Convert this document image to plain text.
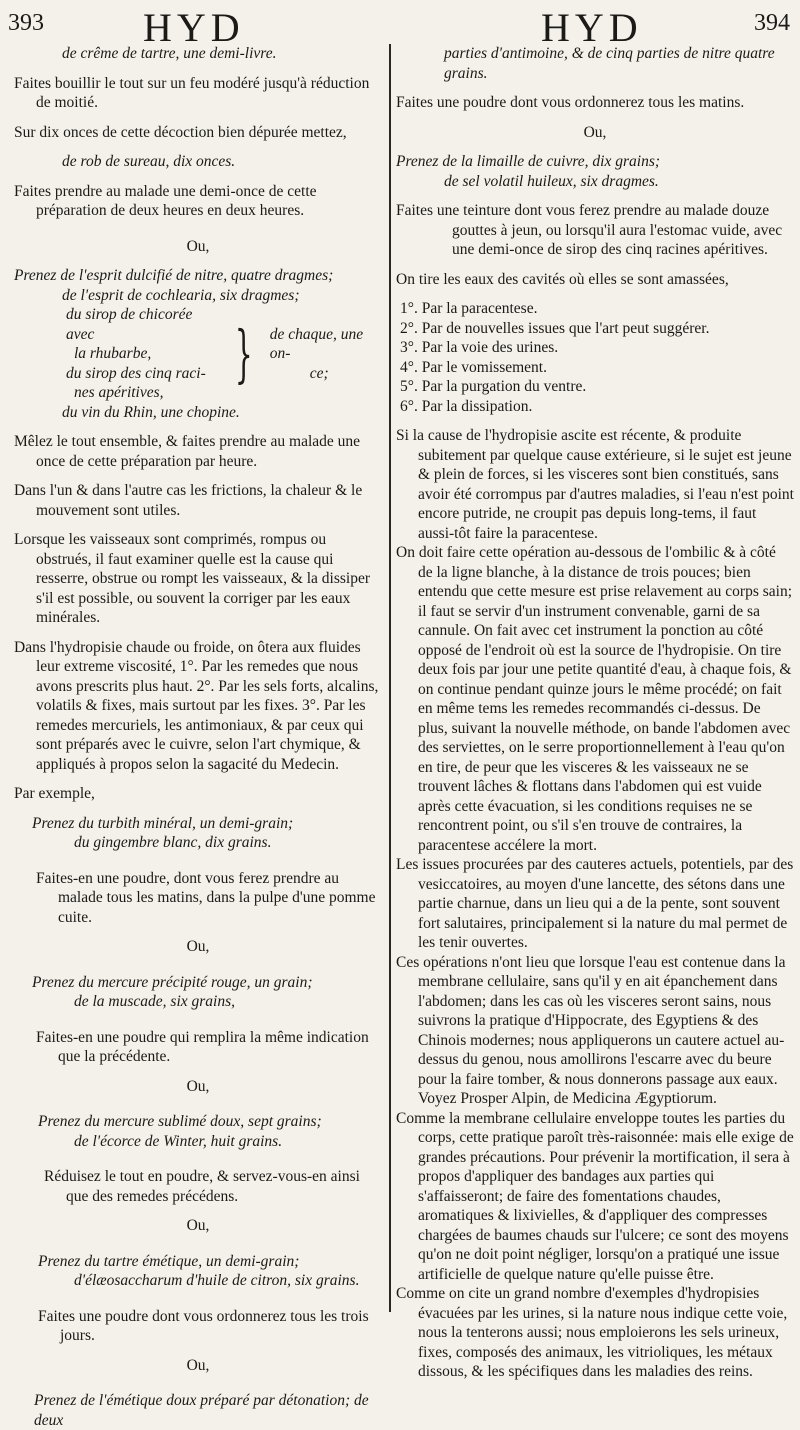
393 HYD	HYD	394

de crême de tartre, une demi-livre.

Faites bouillir le tout sur un feu modéré jusqu'à réduction de moitié.

Sur dix onces de cette décoction bien dépurée mettez,

de rob de sureau, dix onces.

Faites prendre au malade une demi-once de cette préparation de deux heures en deux heures.

Ou,

Prenez de l'esprit dulcifié de nitre, quatre dragmes;

de l'esprit de cochlearia, six dragmes;

du sirop de chicorée avec
la rhubarbe,
du sirop des cinq raci-
nes apéritives,
} de chaque, une on-
ce;

du vin du Rhin, une chopine.

Mêlez le tout ensemble, & faites prendre au malade une once de cette préparation par heure.

Dans l'un & dans l'autre cas les frictions, la chaleur & le mouvement sont utiles.

Lorsque les vaisseaux sont comprimés, rompus ou obstrués, il faut examiner quelle est la cause qui resserre, obstrue ou rompt les vaisseaux, & la dissiper s'il est possible, ou souvent la corriger par les eaux minérales.

Dans l'hydropisie chaude ou froide, on ôtera aux fluides leur extreme viscosité, 1°. Par les remedes que nous avons prescrits plus haut. 2°. Par les sels forts, alcalins, volatils & fixes, mais surtout par les fixes. 3°. Par les remedes mercuriels, les antimoniaux, & par ceux qui sont préparés avec le cuivre, selon l'art chymique, & appliqués à propos selon la sagacité du Medecin.

Par exemple,

Prenez du turbith minéral, un demi-grain;

du gingembre blanc, dix grains.

Faites-en une poudre, dont vous ferez prendre au malade tous les matins, dans la pulpe d'une pomme cuite.

Ou,

Prenez du mercure précipité rouge, un grain;

de la muscade, six grains,

Faites-en une poudre qui remplira la même indication que la précédente.

Ou,

Prenez du mercure sublimé doux, sept grains;

de l'écorce de Winter, huit grains.

Réduisez le tout en poudre, & servez-vous-en ainsi que des remedes précédens.

Ou,

Prenez du tartre émétique, un demi-grain;

d'élæosaccharum d'huile de citron, six grains.

Faites une poudre dont vous ordonnerez tous les trois jours.

Ou,

Prenez de l'émétique doux préparé par détonation; de deux

parties d'antimoine, & de cinq parties de nitre quatre grains.

Faites une poudre dont vous ordonnerez tous les matins.

Ou,

Prenez de la limaille de cuivre, dix grains;

de sel volatil huileux, six dragmes.

Faites une teinture dont vous ferez prendre au malade douze gouttes à jeun, ou lorsqu'il aura l'estomac vuide, avec une demi-once de sirop des cinq racines apéritives.

On tire les eaux des cavités où elles se sont amassées,

1°. Par la paracentese.
2°. Par de nouvelles issues que l'art peut suggérer.
3°. Par la voie des urines.
4°. Par le vomissement.
5°. Par la purgation du ventre.
6°. Par la dissipation.

Si la cause de l'hydropisie ascite est récente, & produite subitement par quelque cause extérieure, si le sujet est jeune & plein de forces, si les visceres sont bien constitués, sans avoir été corrompus par d'autres maladies, si l'eau n'est point encore putride, ne croupit pas depuis long-tems, il faut aussi-tôt faire la paracentese.

On doit faire cette opération au-dessous de l'ombilic & à côté de la ligne blanche, à la distance de trois pouces; bien entendu que cette mesure est prise relavement au corps sain; il faut se servir d'un instrument convenable, garni de sa cannule. On fait avec cet instrument la ponction au côté opposé de l'endroit où est la source de l'hydropisie. On tire deux fois par jour une petite quantité d'eau, à chaque fois, & on continue pendant quinze jours le même procédé; on fait en même tems les remedes recommandés ci-dessus. De plus, suivant la nouvelle méthode, on bande l'abdomen avec des serviettes, on le serre proportionnellement à l'eau qu'on en tire, de peur que les visceres & les vaisseaux ne se trouvent lâches & flottans dans l'abdomen qui est vuide après cette évacuation, si les conditions requises ne se rencontrent point, ou s'il s'en trouve de contraires, la paracentese accélere la mort.

Les issues procurées par des cauteres actuels, potentiels, par des vesiccatoires, au moyen d'une lancette, des sétons dans une partie charnue, dans un lieu qui a de la pente, sont souvent fort salutaires, principalement si la nature du mal permet de les tenir ouvertes.

Ces opérations n'ont lieu que lorsque l'eau est contenue dans la membrane cellulaire, sans qu'il y en ait épanchement dans l'abdomen; dans les cas où les visceres seront sains, nous suivrons la pratique d'Hippocrate, des Egyptiens & des Chinois modernes; nous appliquerons un cautere actuel au-dessus du genou, nous amollirons l'escarre avec du beure pour la faire tomber, & nous donnerons passage aux eaux. Voyez Prosper Alpin, de Medicina Ægyptiorum.

Comme la membrane cellulaire enveloppe toutes les parties du corps, cette pratique paroît très-raisonnée: mais elle exige de grandes précautions. Pour prévenir la mortification, il sera à propos d'appliquer des bandages aux parties qui s'affaisseront; de faire des fomentations chaudes, aromatiques & lixivielles, & d'appliquer des compresses chargées de baumes chauds sur l'ulcere; ce sont des moyens qu'on ne doit point négliger, lorsqu'on a pratiqué une issue artificielle de quelque nature qu'elle puisse être.

Comme on cite un grand nombre d'exemples d'hydropisies évacuées par les urines, si la nature nous indique cette voie, nous la tenterons aussi; nous emploierons les sels urineux, fixes, composés des animaux, les vitrioliques, les métaux dissous, & les spécifiques dans les maladies des reins.
